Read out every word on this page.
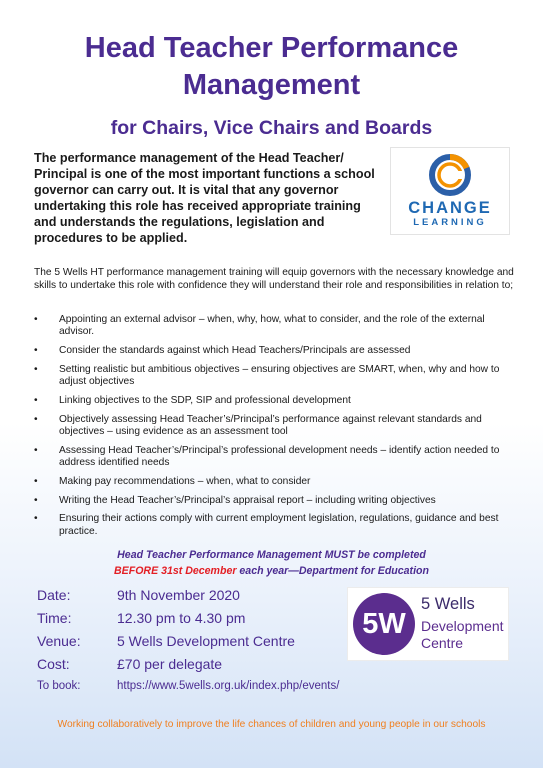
Head Teacher Performance
Management
for Chairs, Vice Chairs and Boards

The performance management of the Head Teacher/ Principal is one of the most important functions a school governor can carry out. It is vital that any governor undertaking this role has received appropriate training and understands the regulations, legislation and procedures to be applied.

CHANGE
LEARNING

The 5 Wells HT performance management training will equip governors with the necessary knowledge and skills to undertake this role with confidence they will understand their role and responsibilities in relation to;

• Appointing an external advisor – when, why, how, what to consider, and the role of the external advisor.
• Consider the standards against which Head Teachers/Principals are assessed
• Setting realistic but ambitious objectives – ensuring objectives are SMART, when, why and how to adjust objectives
• Linking objectives to the SDP, SIP and professional development
• Objectively assessing Head Teacher’s/Principal’s performance against relevant standards and objectives – using evidence as an assessment tool
• Assessing Head Teacher’s/Principal’s professional development needs – identify action needed to address identified needs
• Making pay recommendations – when, what to consider
• Writing the Head Teacher’s/Principal’s appraisal report – including writing objectives
• Ensuring their actions comply with current employment legislation, regulations, guidance and best practice.

Head Teacher Performance Management MUST be completed
BEFORE 31st December each year—Department for Education

Date:	9th November 2020
Time:	12.30 pm to 4.30 pm
Venue:	5 Wells Development Centre
Cost:	£70 per delegate
To book:	https://www.5wells.org.uk/index.php/events/
5W
5 Wells
Development
Centre

Working collaboratively to improve the life chances of children and young people in our schools
